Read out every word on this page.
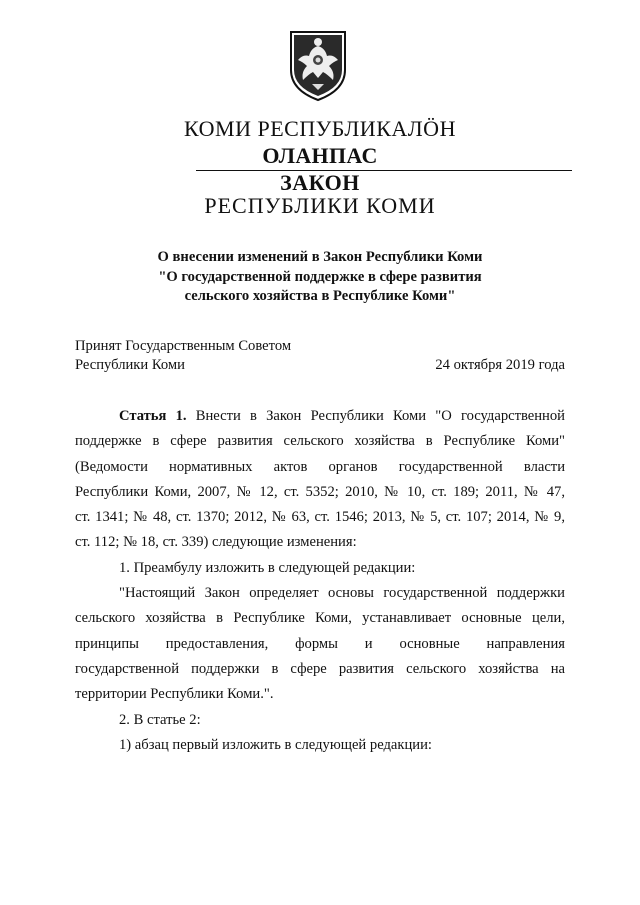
КОМИ РЕСПУБЛИКАЛӦН
ОЛАНПАС
ЗАКОН
РЕСПУБЛИКИ КОМИ
О внесении изменений в Закон Республики Коми
"О государственной поддержке в сфере развития
сельского хозяйства в Республике Коми"
Принят Государственным Советом
Республики Коми	24 октября 2019 года

Статья 1. Внести в Закон Республики Коми "О государственной

поддержке в сфере развития сельского хозяйства в Республике Коми"

(Ведомости нормативных актов органов государственной власти

Республики Коми, 2007, № 12, ст. 5352; 2010, № 10, ст. 189; 2011, № 47,

ст. 1341; № 48, ст. 1370; 2012, № 63, ст. 1546; 2013, № 5, ст. 107; 2014, № 9,

ст. 112; № 18, ст. 339) следующие изменения:

1. Преамбулу изложить в следующей редакции:

"Настоящий Закон определяет основы государственной поддержки

сельского хозяйства в Республике Коми, устанавливает основные цели,

принципы предоставления, формы и основные направления

государственной поддержки в сфере развития сельского хозяйства на

территории Республики Коми.".

2. В статье 2:

1) абзац первый изложить в следующей редакции:
